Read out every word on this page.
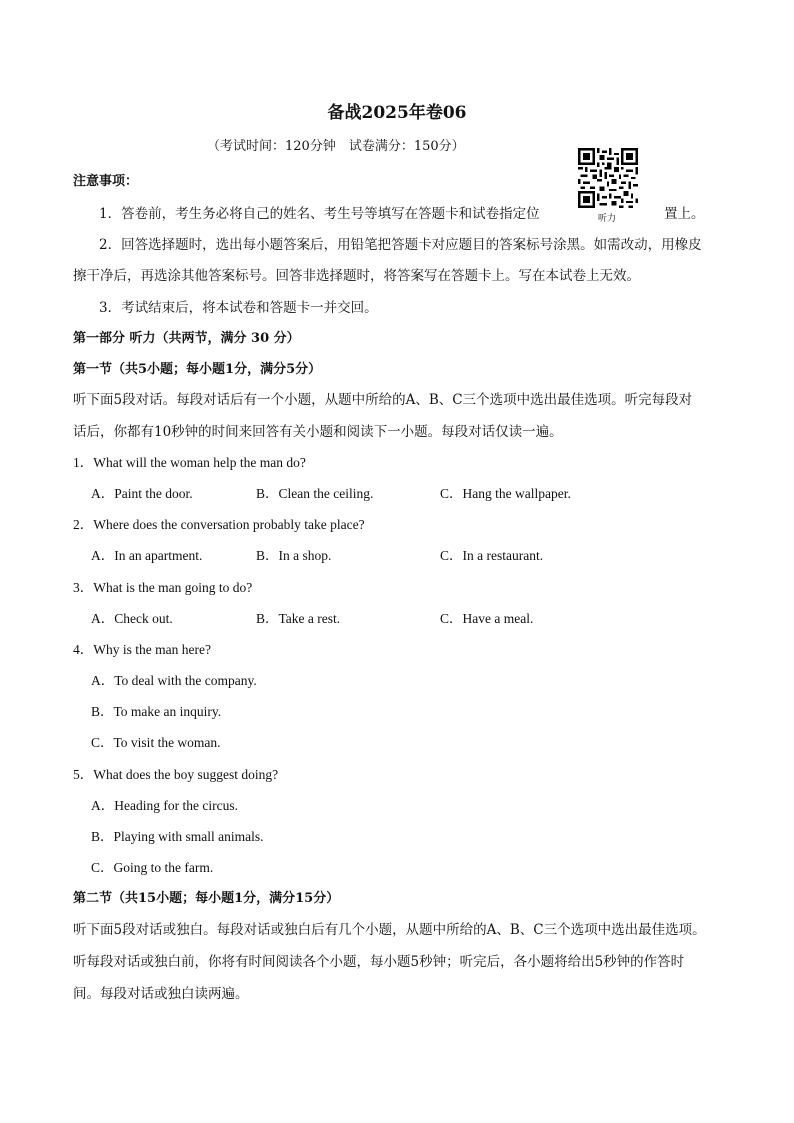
备战2025年卷06
（考试时间：120分钟　试卷满分：150分）
听力
注意事项：
1．答卷前，考生务必将自己的姓名、考生号等填写在答题卡和试卷指定位	置上。
2．回答选择题时，选出每小题答案后，用铅笔把答题卡对应题目的答案标号涂黑。如需改动，用橡皮
擦干净后，再选涂其他答案标号。回答非选择题时，将答案写在答题卡上。写在本试卷上无效。
3．考试结束后，将本试卷和答题卡一并交回。
第一部分 听力（共两节，满分 30 分）
第一节（共5小题；每小题1分，满分5分）
听下面5段对话。每段对话后有一个小题，从题中所给的A、B、C三个选项中选出最佳选项。听完每段对
话后，你都有10秒钟的时间来回答有关小题和阅读下一小题。每段对话仅读一遍。
1．What will the woman help the man do?
A．Paint the door.	B．Clean the ceiling.	C．Hang the wallpaper.
2．Where does the conversation probably take place?
A．In an apartment.	B．In a shop.	C．In a restaurant.
3．What is the man going to do?
A．Check out.	B．Take a rest.	C．Have a meal.
4．Why is the man here?
A．To deal with the company.
B．To make an inquiry.
C．To visit the woman.
5．What does the boy suggest doing?
A．Heading for the circus.
B．Playing with small animals.
C．Going to the farm.
第二节（共15小题；每小题1分，满分15分）
听下面5段对话或独白。每段对话或独白后有几个小题，从题中所给的A、B、C三个选项中选出最佳选项。
听每段对话或独白前，你将有时间阅读各个小题，每小题5秒钟；听完后，各小题将给出5秒钟的作答时
间。每段对话或独白读两遍。
